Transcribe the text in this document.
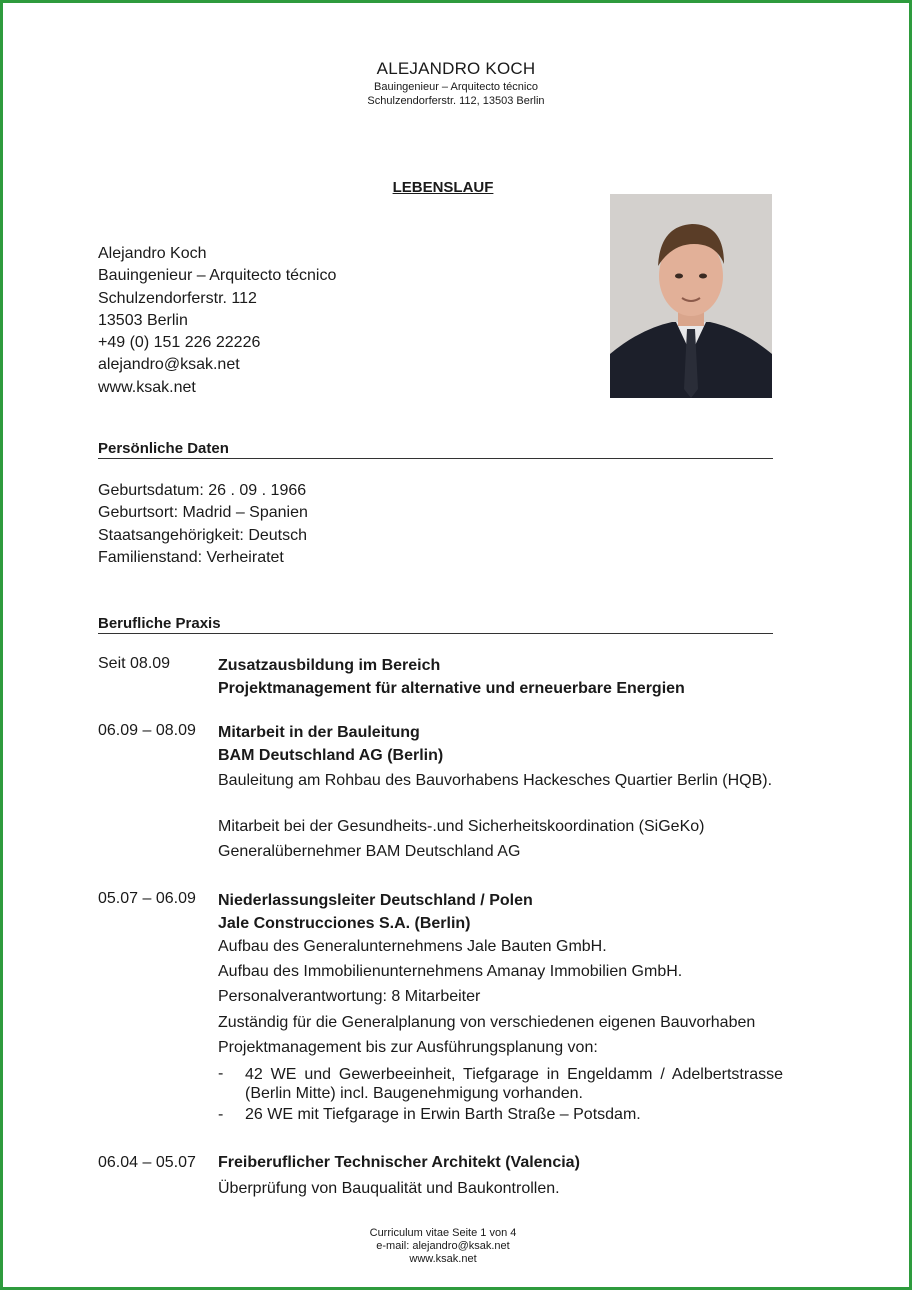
ALEJANDRO KOCH
Bauingenieur – Arquitecto técnico
Schulzendorferstr. 112, 13503 Berlin
LEBENSLAUF
Alejandro Koch
Bauingenieur – Arquitecto técnico
Schulzendorferstr. 112
13503 Berlin
+49 (0) 151 226 22226
alejandro@ksak.net
www.ksak.net
Persönliche Daten
Geburtsdatum: 26 . 09 . 1966
Geburtsort: Madrid – Spanien
Staatsangehörigkeit: Deutsch
Familienstand: Verheiratet
Berufliche Praxis
Seit 08.09	Zusatzausbildung im Bereich
Projektmanagement für alternative und erneuerbare Energien
06.09 – 08.09 Mitarbeit in der Bauleitung
BAM Deutschland AG (Berlin)
Bauleitung am Rohbau des Bauvorhabens Hackesches Quartier Berlin (HQB).
Mitarbeit bei der Gesundheits-.und Sicherheitskoordination (SiGeKo)
Generalübernehmer BAM Deutschland AG
05.07 – 06.09 Niederlassungsleiter Deutschland / Polen
Jale Construcciones S.A. (Berlin)
Aufbau des Generalunternehmens Jale Bauten GmbH.
Aufbau des Immobilienunternehmens Amanay Immobilien GmbH.
Personalverantwortung: 8 Mitarbeiter
Zuständig für die Generalplanung von verschiedenen eigenen Bauvorhaben
Projektmanagement bis zur Ausführungsplanung von:
- 42 WE und Gewerbeeinheit, Tiefgarage in Engeldamm / Adelbertstrasse (Berlin Mitte) incl. Baugenehmigung vorhanden.
- 26 WE mit Tiefgarage in Erwin Barth Straße – Potsdam.
06.04 – 05.07 Freiberuflicher Technischer Architekt (Valencia)
Überprüfung von Bauqualität und Baukontrollen.
Curriculum vitae Seite 1 von 4
e-mail: alejandro@ksak.net
www.ksak.net
